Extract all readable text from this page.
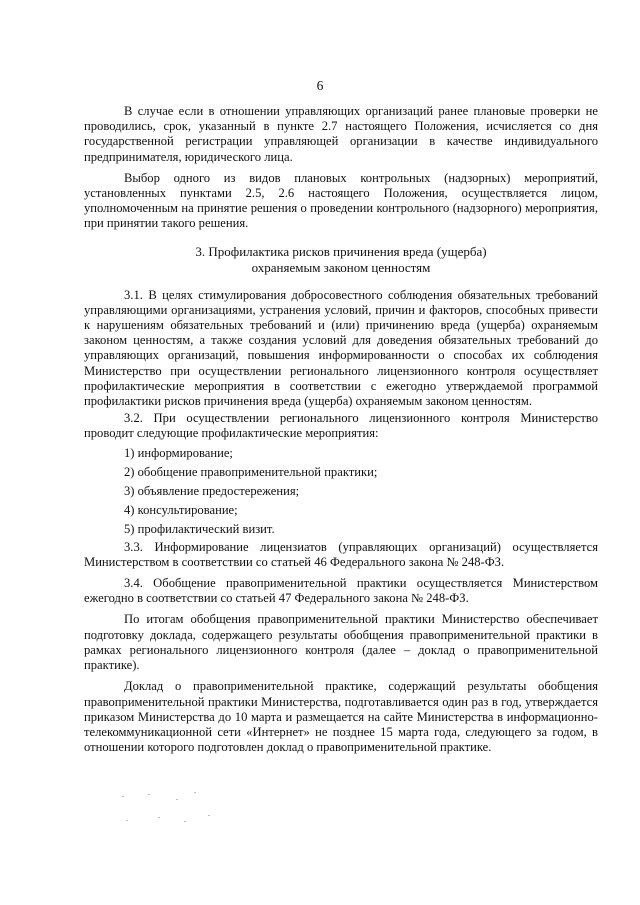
6

В случае если в отношении управляющих организаций ранее плановые проверки не проводились, срок, указанный в пункте 2.7 настоящего Положения, исчисляется со дня государственной регистрации управляющей организации в качестве индивидуального предпринимателя, юридического лица.

Выбор одного из видов плановых контрольных (надзорных) мероприятий, установленных пунктами 2.5, 2.6 настоящего Положения, осуществляется лицом, уполномоченным на принятие решения о проведении контрольного (надзорного) мероприятия, при принятии такого решения.

3. Профилактика рисков причинения вреда (ущерба)
охраняемым законом ценностям

3.1. В целях стимулирования добросовестного соблюдения обязательных требований управляющими организациями, устранения условий, причин и факторов, способных привести к нарушениям обязательных требований и (или) причинению вреда (ущерба) охраняемым законом ценностям, а также создания условий для доведения обязательных требований до управляющих организаций, повышения информированности о способах их соблюдения Министерство при осуществлении регионального лицензионного контроля осуществляет профилактические мероприятия в соответствии с ежегодно утверждаемой программой профилактики рисков причинения вреда (ущерба) охраняемым законом ценностям.

3.2. При осуществлении регионального лицензионного контроля Министерство проводит следующие профилактические мероприятия:

1) информирование;
2) обобщение правоприменительной практики;
3) объявление предостережения;
4) консультирование;
5) профилактический визит.

3.3. Информирование лицензиатов (управляющих организаций) осуществляется Министерством в соответствии со статьей 46 Федерального закона № 248-ФЗ.

3.4. Обобщение правоприменительной практики осуществляется Министерством ежегодно в соответствии со статьей 47 Федерального закона № 248-ФЗ.

По итогам обобщения правоприменительной практики Министерство обеспечивает подготовку доклада, содержащего результаты обобщения правоприменительной практики в рамках регионального лицензионного контроля (далее – доклад о правоприменительной практике).

Доклад о правоприменительной практике, содержащий результаты обобщения правоприменительной практики Министерства, подготавливается один раз в год, утверждается приказом Министерства до 10 марта и размещается на сайте Министерства в информационно-телекоммуникационной сети «Интернет» не позднее 15 марта года, следующего за годом, в отношении которого подготовлен доклад о правоприменительной практике.
